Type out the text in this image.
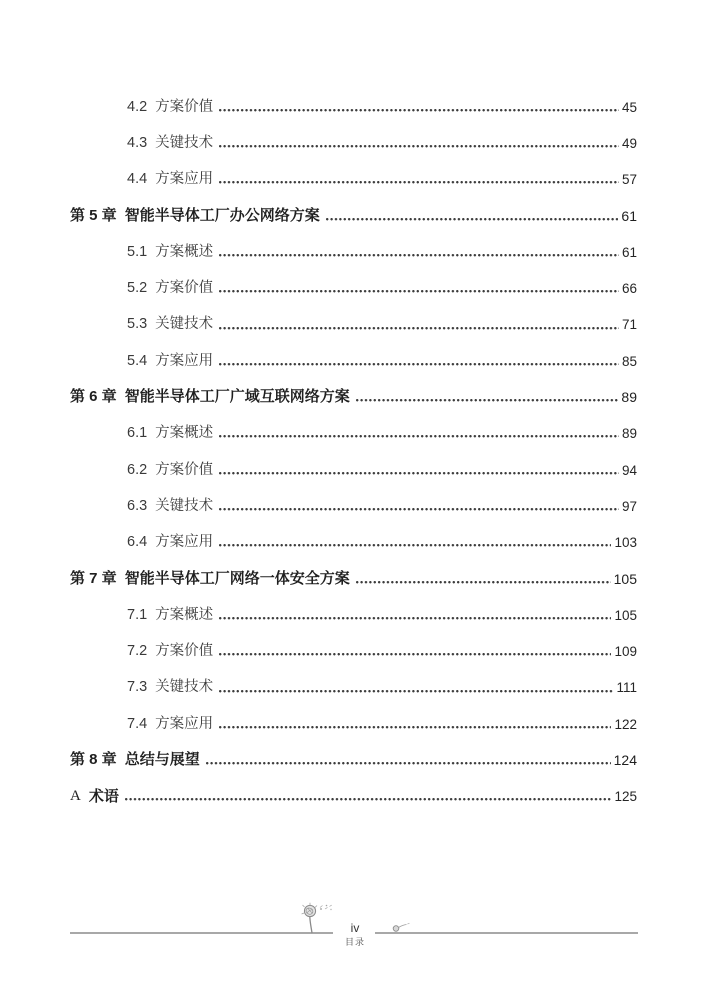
4.2 方案价值	45
4.3 关键技术	49
4.4 方案应用	57
第 5 章 智能半导体工厂办公网络方案	61
5.1 方案概述	61
5.2 方案价值	66
5.3 关键技术	71
5.4 方案应用	85
第 6 章 智能半导体工厂广域互联网络方案	89
6.1 方案概述	89
6.2 方案价值	94
6.3 关键技术	97
6.4 方案应用	103
第 7 章 智能半导体工厂网络一体安全方案	105
7.1 方案概述	105
7.2 方案价值	109
7.3 关键技术	111
7.4 方案应用	122
第 8 章 总结与展望	124
A 术语	125
iv
目录
